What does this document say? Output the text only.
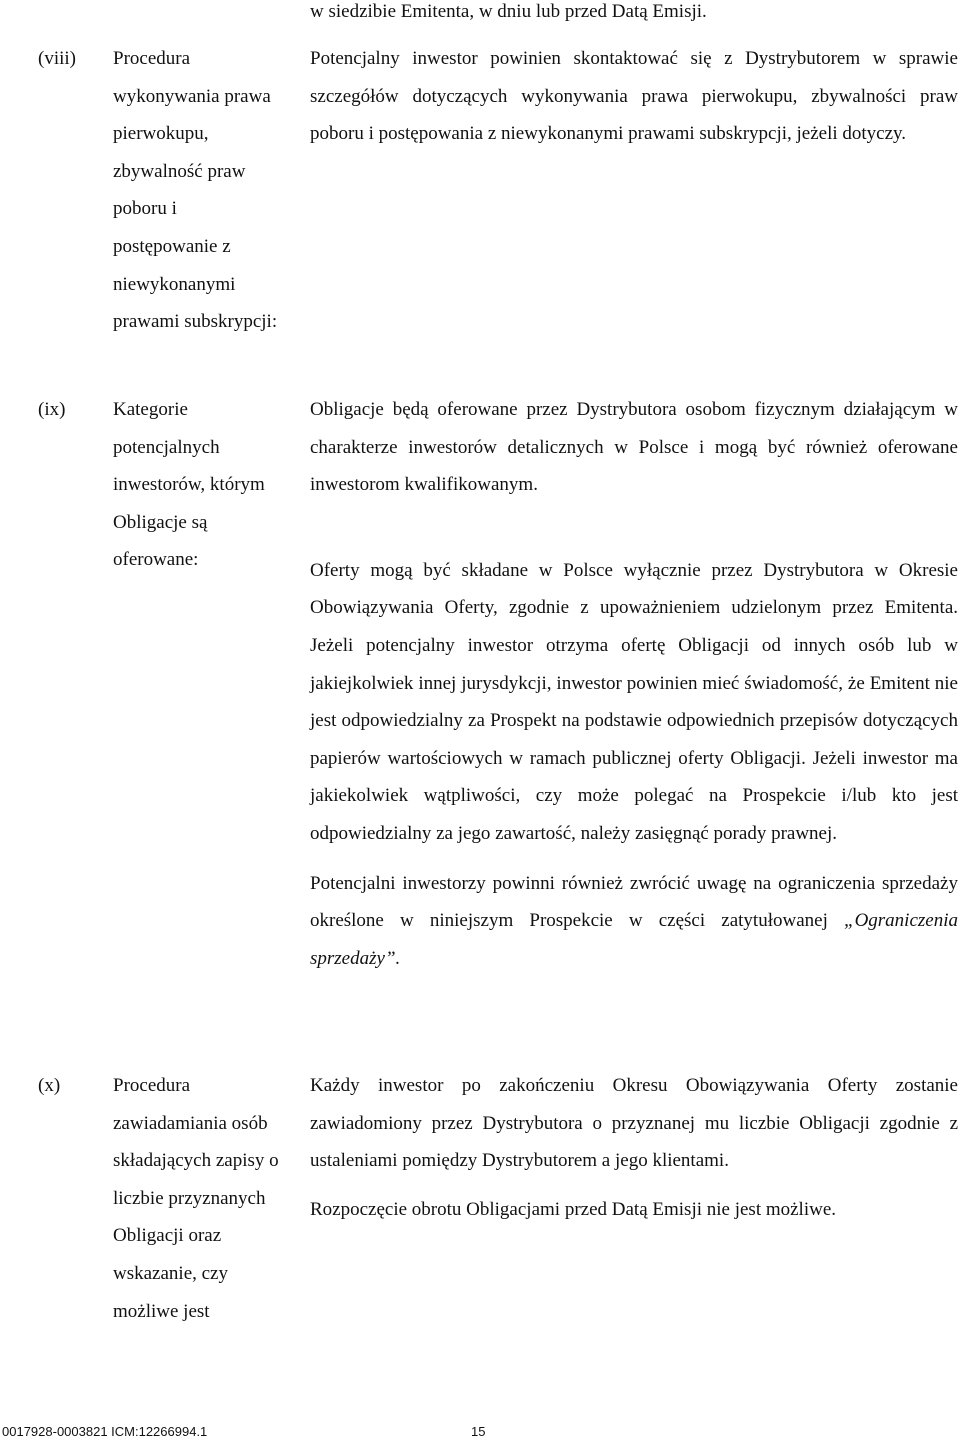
w siedzibie Emitenta, w dniu lub przed Datą Emisji.
(viii)	Procedura wykonywania prawa pierwokupu, zbywalność praw poboru i postępowanie z niewykonanymi prawami subskrypcji:

Potencjalny inwestor powinien skontaktować się z Dystrybutorem w sprawie szczegółów dotyczących wykonywania prawa pierwokupu, zbywalności praw poboru i postępowania z niewykonanymi prawami subskrypcji, jeżeli dotyczy.

(ix)	Kategorie potencjalnych inwestorów, którym Obligacje są oferowane:

Obligacje będą oferowane przez Dystrybutora osobom fizycznym działającym w charakterze inwestorów detalicznych w Polsce i mogą być również oferowane inwestorom kwalifikowanym.

Oferty mogą być składane w Polsce wyłącznie przez Dystrybutora w Okresie Obowiązywania Oferty, zgodnie z upoważnieniem udzielonym przez Emitenta. Jeżeli potencjalny inwestor otrzyma ofertę Obligacji od innych osób lub w jakiejkolwiek innej jurysdykcji, inwestor powinien mieć świadomość, że Emitent nie jest odpowiedzialny za Prospekt na podstawie odpowiednich przepisów dotyczących papierów wartościowych w ramach publicznej oferty Obligacji. Jeżeli inwestor ma jakiekolwiek wątpliwości, czy może polegać na Prospekcie i/lub kto jest odpowiedzialny za jego zawartość, należy zasięgnąć porady prawnej.

Potencjalni inwestorzy powinni również zwrócić uwagę na ograniczenia sprzedaży określone w niniejszym Prospekcie w części zatytułowanej „Ograniczenia sprzedaży”.

(x)	Procedura zawiadamiania osób składających zapisy o liczbie przyznanych Obligacji oraz wskazanie, czy możliwe jest

Każdy inwestor po zakończeniu Okresu Obowiązywania Oferty zostanie zawiadomiony przez Dystrybutora o przyznanej mu liczbie Obligacji zgodnie z ustaleniami pomiędzy Dystrybutorem a jego klientami.

Rozpoczęcie obrotu Obligacjami przed Datą Emisji nie jest możliwe.

0017928-0003821 ICM:12266994.1	15
